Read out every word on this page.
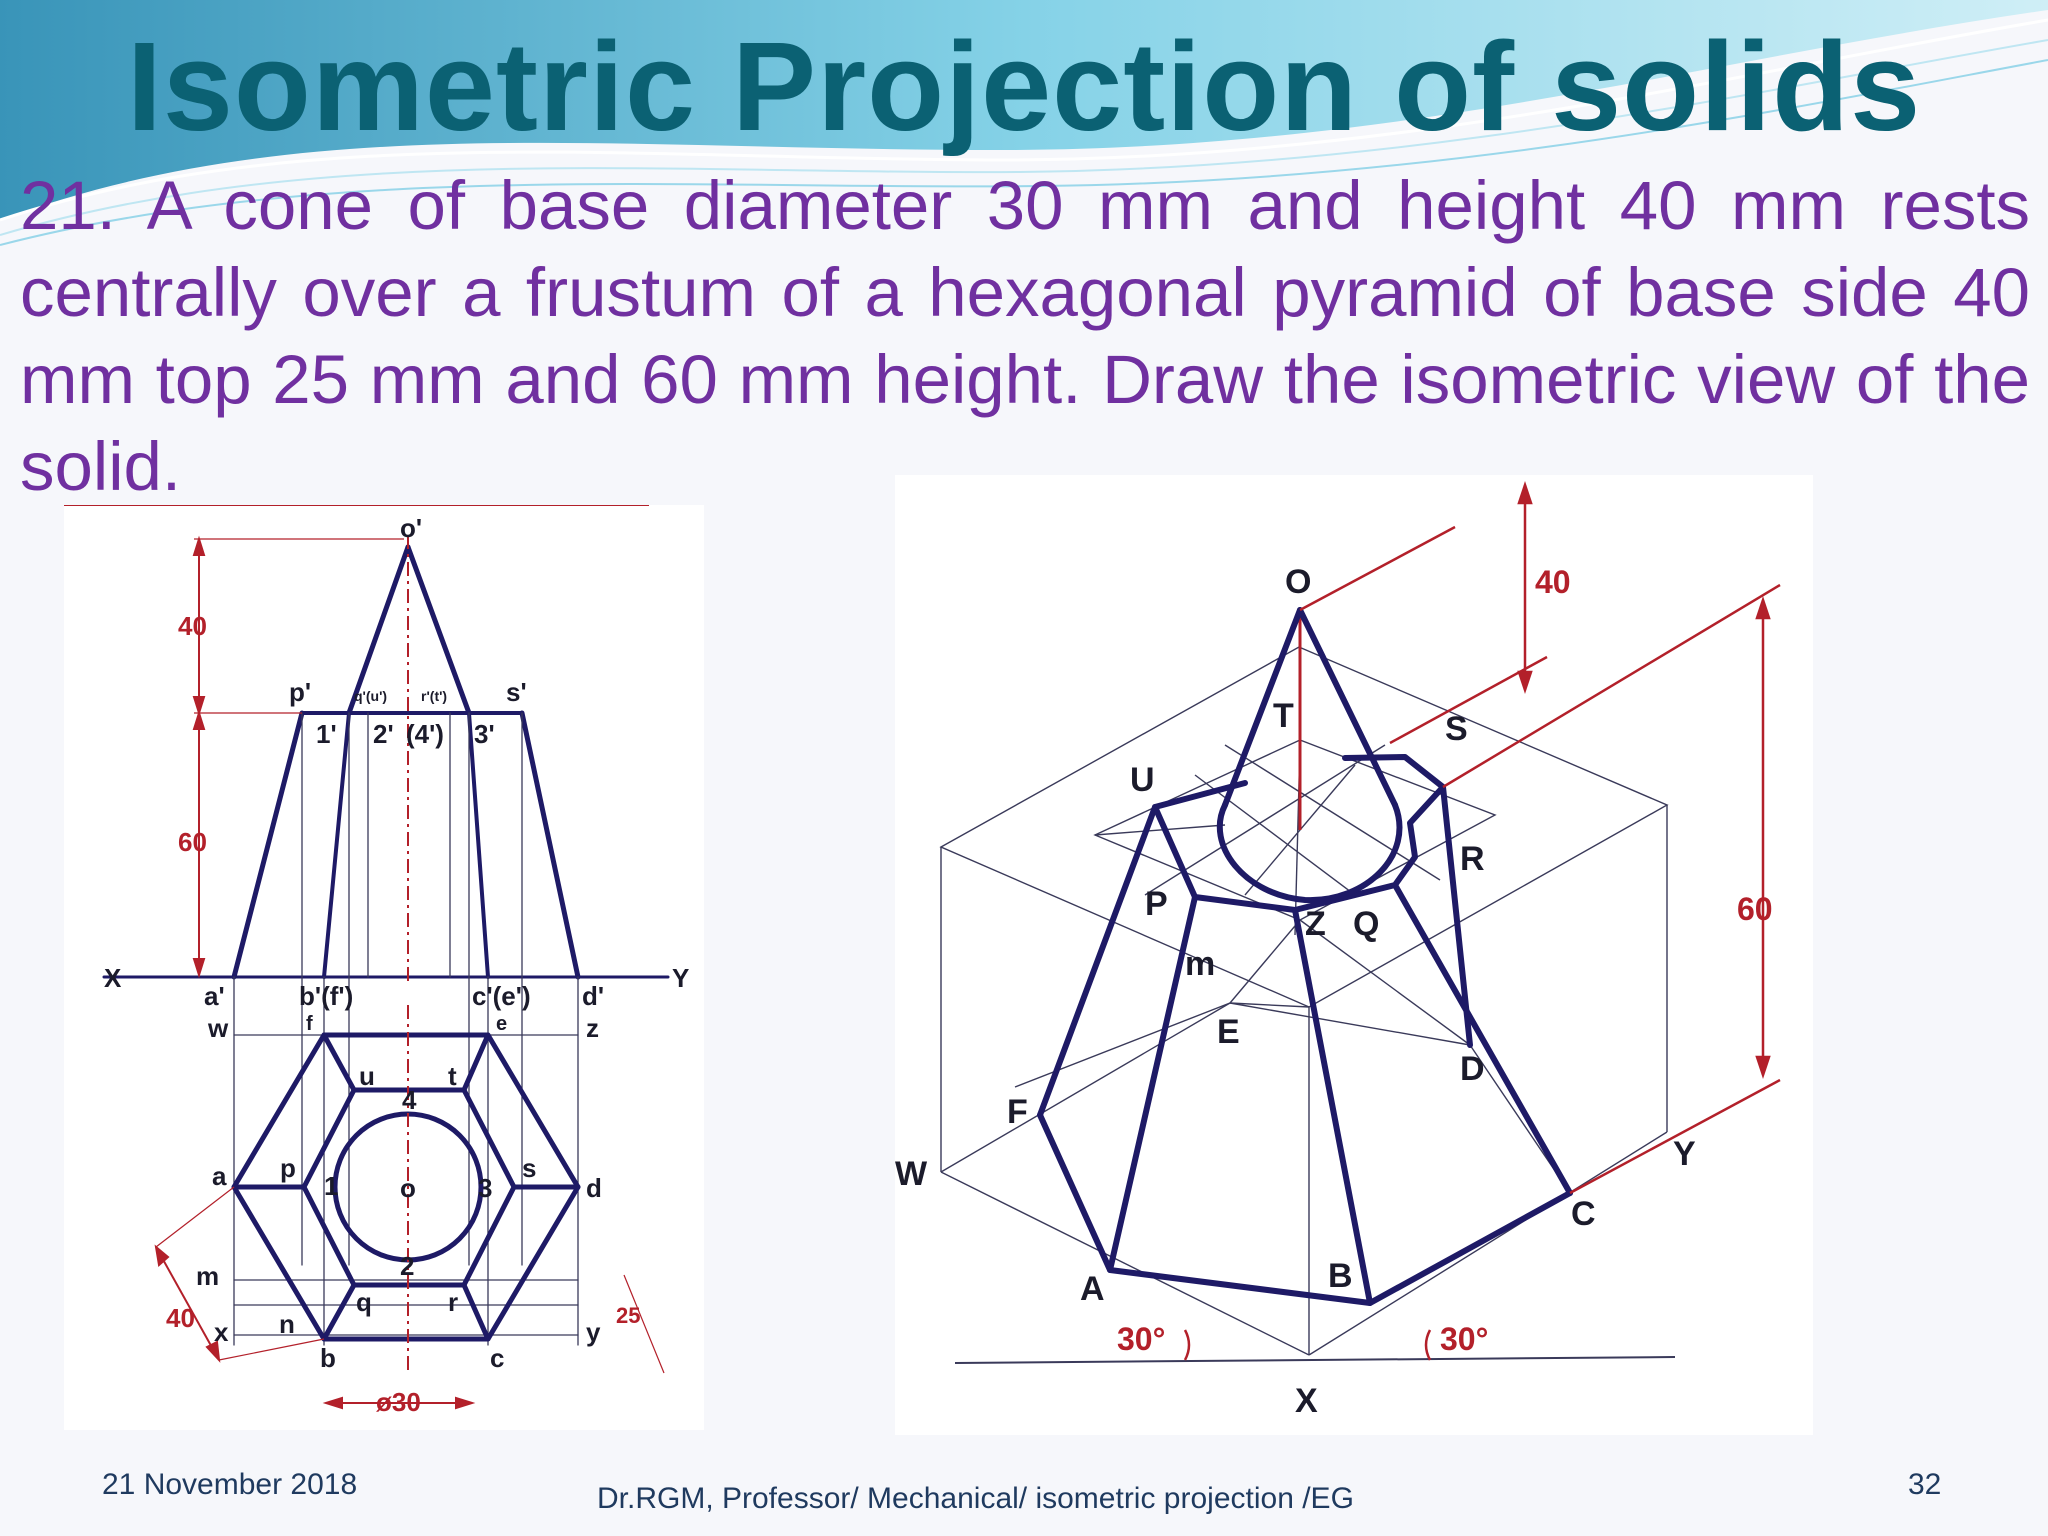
Isometric Projection of solids

21. A cone of base diameter 30 mm and height 40 mm rests centrally over a frustum of a hexagonal pyramid of base side 40 mm top 25 mm and 60 mm height. Draw the isometric view of the solid.

o'
p'	q'(u') r'(t') s'
1' 2' (4') 3'
X	Y
a'	b'(f')	c'(e') d'
w	f	e	z
u	t
4
a p
1 o 3
s
d
2
m
q	r
x n	y
b	c
40
60
40	25
ø30
O
T	S
U
R
P
Z Q
m
E
D
F
W
Y
C
A	B
X
40
60
30°	30°
21 November 2018	Dr.RGM, Professor/ Mechanical/ isometric projection /EG	32
